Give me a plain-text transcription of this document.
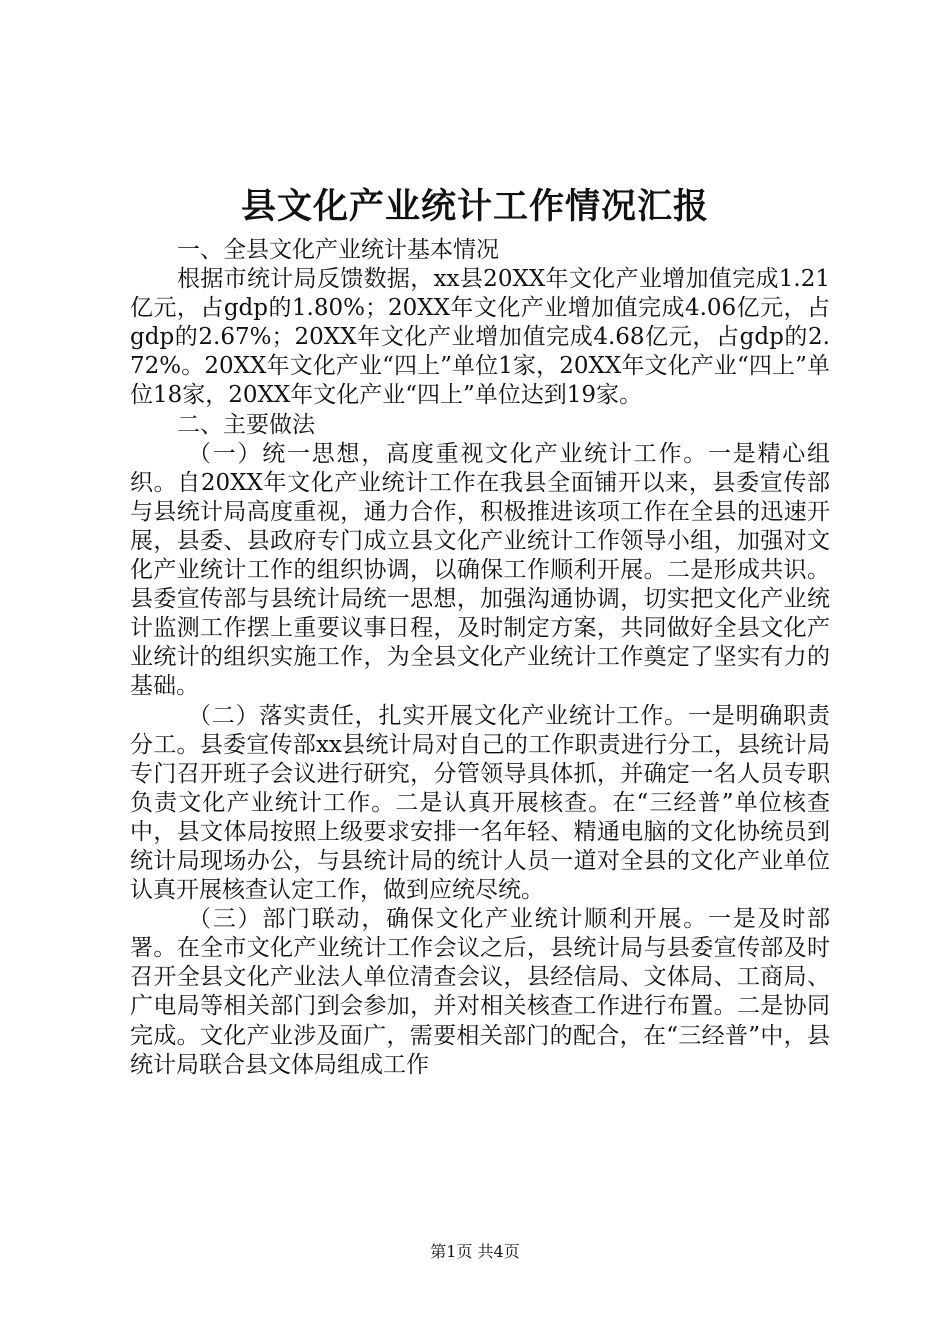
县文化产业统计工作情况汇报

一、全县文化产业统计基本情况

根据市统计局反馈数据，xx县20XX年文化产业增加值完成1.21亿元，占gdp的1.80%；20XX年文化产业增加值完成4.06亿元，占gdp的2.67%；20XX年文化产业增加值完成4.68亿元，占gdp的2.72%。20XX年文化产业“四上”单位1家，20XX年文化产业“四上”单位18家，20XX年文化产业“四上”单位达到19家。

二、主要做法

（一）统一思想，高度重视文化产业统计工作。一是精心组织。自20XX年文化产业统计工作在我县全面铺开以来，县委宣传部与县统计局高度重视，通力合作，积极推进该项工作在全县的迅速开展，县委、县政府专门成立县文化产业统计工作领导小组，加强对文化产业统计工作的组织协调，以确保工作顺利开展。二是形成共识。县委宣传部与县统计局统一思想，加强沟通协调，切实把文化产业统计监测工作摆上重要议事日程，及时制定方案，共同做好全县文化产业统计的组织实施工作，为全县文化产业统计工作奠定了坚实有力的基础。

（二）落实责任，扎实开展文化产业统计工作。一是明确职责分工。县委宣传部xx县统计局对自己的工作职责进行分工，县统计局专门召开班子会议进行研究，分管领导具体抓，并确定一名人员专职负责文化产业统计工作。二是认真开展核查。在“三经普”单位核查中，县文体局按照上级要求安排一名年轻、精通电脑的文化协统员到统计局现场办公，与县统计局的统计人员一道对全县的文化产业单位认真开展核查认定工作，做到应统尽统。

（三）部门联动，确保文化产业统计顺利开展。一是及时部署。在全市文化产业统计工作会议之后，县统计局与县委宣传部及时召开全县文化产业法人单位清查会议，县经信局、文体局、工商局、广电局等相关部门到会参加，并对相关核查工作进行布置。二是协同完成。文化产业涉及面广，需要相关部门的配合，在“三经普”中，县统计局联合县文体局组成工作

第1页 共4页
